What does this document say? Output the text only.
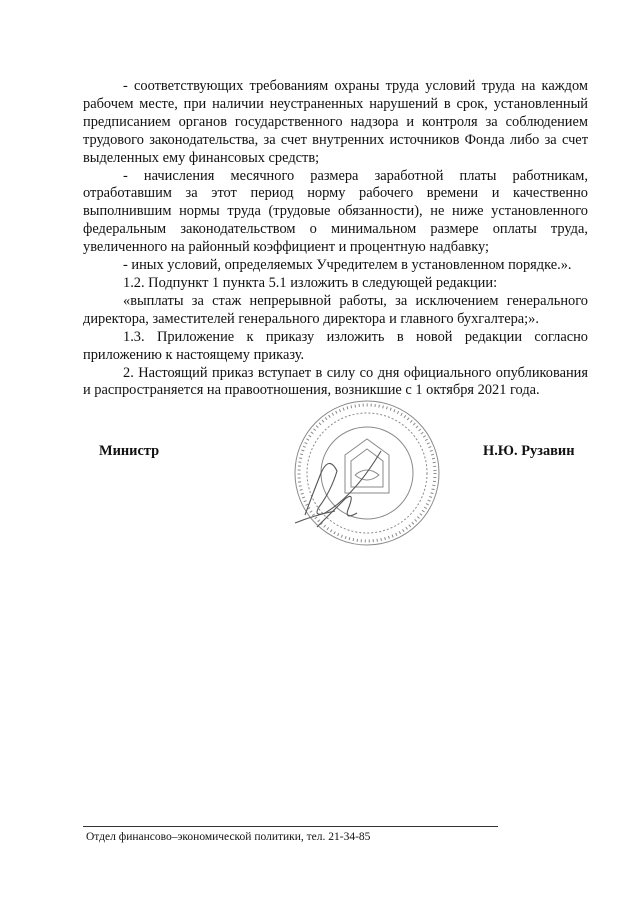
- соответствующих требованиям охраны труда условий труда на каждом рабочем месте, при наличии неустраненных нарушений в срок, установленный предписанием органов государственного надзора и контроля за соблюдением трудового законодательства, за счет внутренних источников Фонда либо за счет выделенных ему финансовых средств;

- начисления месячного размера заработной платы работникам, отработавшим за этот период норму рабочего времени и качественно выполнившим нормы труда (трудовые обязанности), не ниже установленного федеральным законодательством о минимальном размере оплаты труда, увеличенного на районный коэффициент и процентную надбавку;

- иных условий, определяемых Учредителем в установленном порядке.».

1.2. Подпункт 1 пункта 5.1 изложить в следующей редакции:

«выплаты за стаж непрерывной работы, за исключением генерального директора, заместителей генерального директора и главного бухгалтера;».

1.3. Приложение к приказу изложить в новой редакции согласно приложению к настоящему приказу.

2. Настоящий приказ вступает в силу со дня официального опубликования и распространяется на правоотношения, возникшие с 1 октября 2021 года.

Министр	Н.Ю. Рузавин
Отдел финансово–экономической политики, тел. 21-34-85
